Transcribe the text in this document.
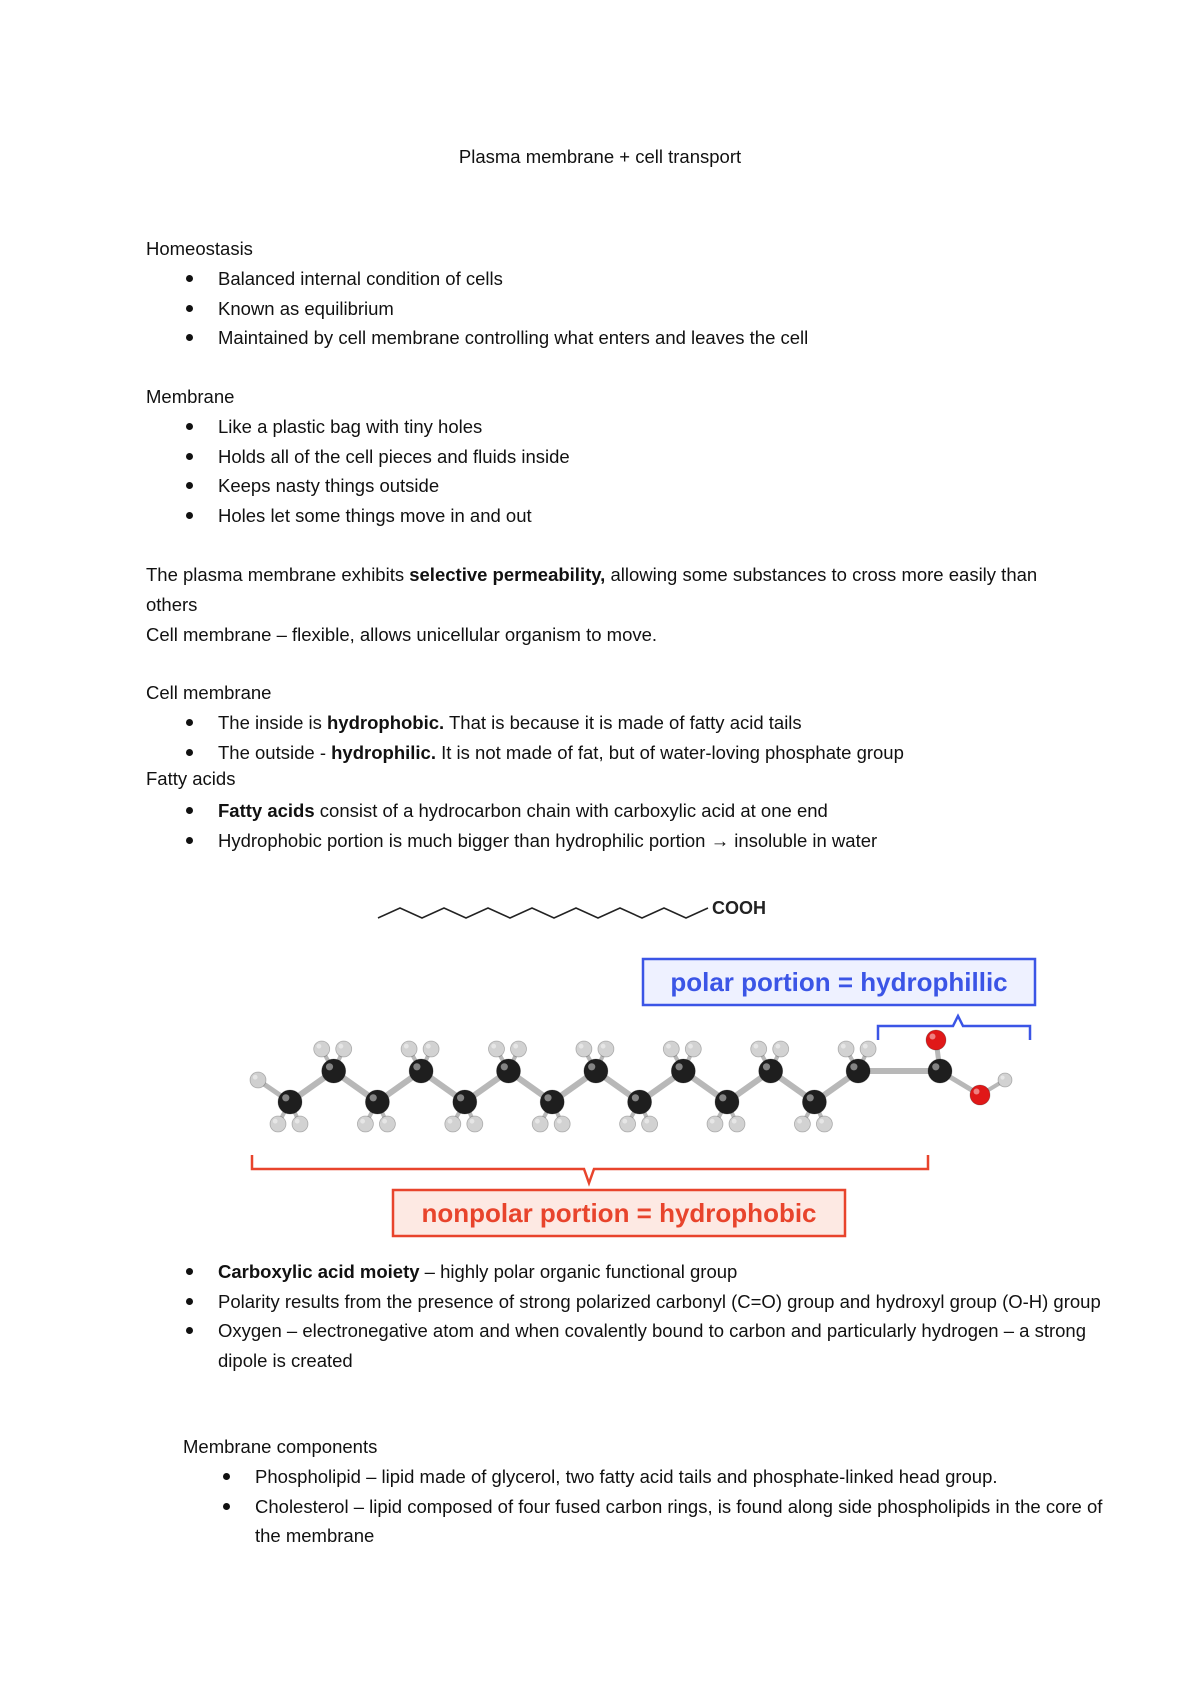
Plasma membrane + cell transport
Homeostasis
Balanced internal condition of cells
Known as equilibrium
Maintained by cell membrane controlling what enters and leaves the cell
Membrane
Like a plastic bag with tiny holes
Holds all of the cell pieces and fluids inside
Keeps nasty things outside
Holes let some things move in and out
The plasma membrane exhibits selective permeability, allowing some substances to cross more easily than others
Cell membrane – flexible, allows unicellular organism to move.
Cell membrane
The inside is hydrophobic. That is because it is made of fatty acid tails
The outside - hydrophilic. It is not made of fat, but of water-loving phosphate group
Fatty acids
Fatty acids consist of a hydrocarbon chain with carboxylic acid at one end
Hydrophobic portion is much bigger than hydrophilic portion → insoluble in water
COOH
polar portion = hydrophillic
nonpolar portion = hydrophobic
Carboxylic acid moiety – highly polar organic functional group
Polarity results from the presence of strong polarized carbonyl (C=O) group and hydroxyl group (O-H) group
Oxygen – electronegative atom and when covalently bound to carbon and particularly hydrogen – a strong dipole is created
Membrane components
Phospholipid – lipid made of glycerol, two fatty acid tails and phosphate-linked head group.
Cholesterol – lipid composed of four fused carbon rings, is found along side phospholipids in the core of the membrane
